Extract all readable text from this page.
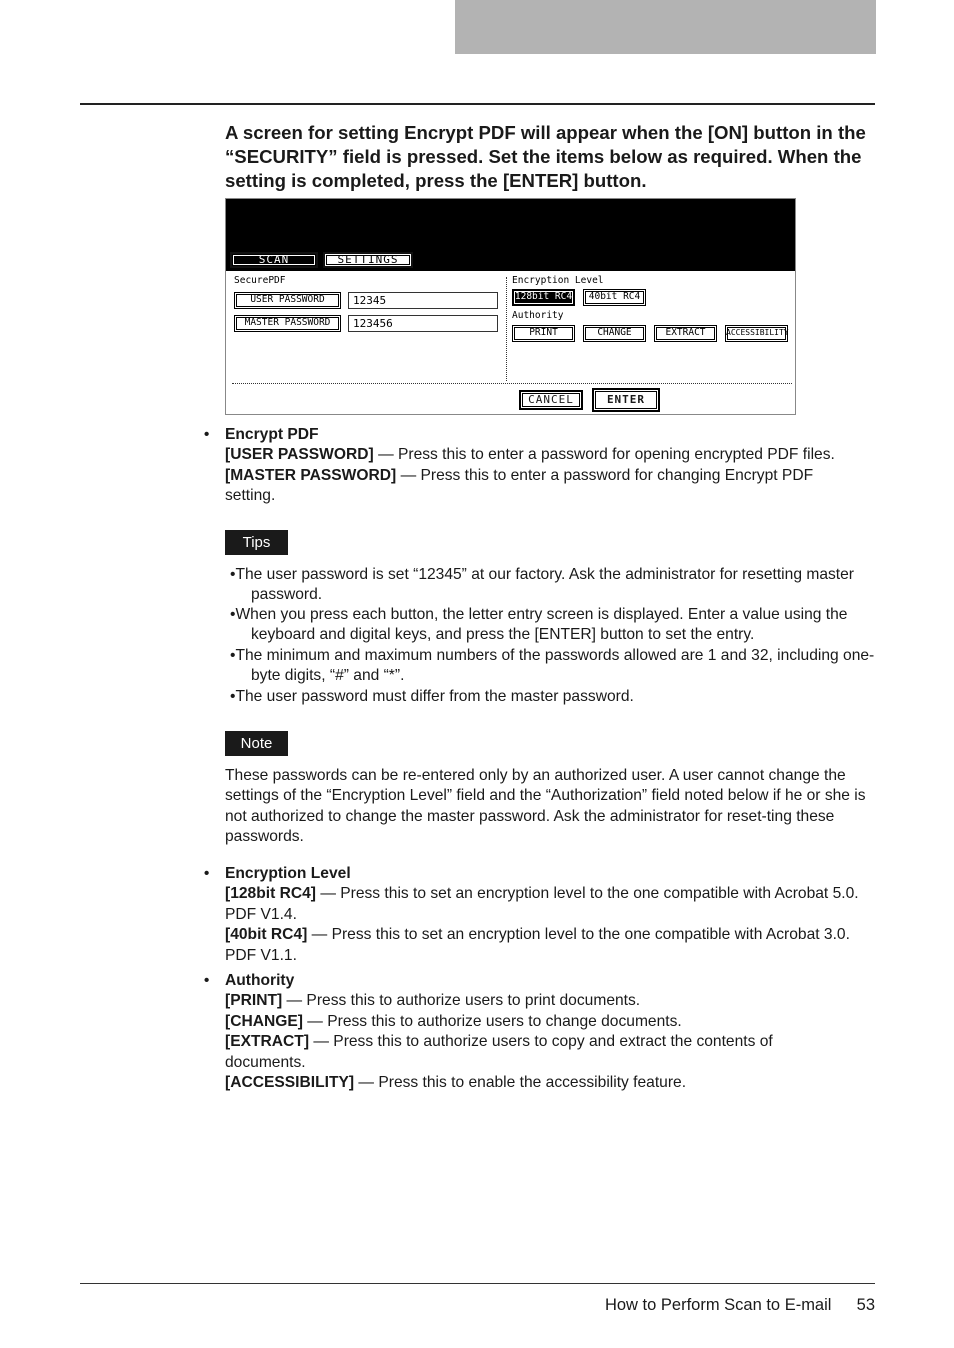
A screen for setting Encrypt PDF will appear when the [ON] button in the “SECURITY” field is pressed. Set the items below as required. When the setting is completed, press the [ENTER] button.
SCAN	SETTINGS
SecurePDF
USER PASSWORD	12345
MASTER PASSWORD	123456
Encryption Level
128bit RC4	40bit RC4
Authority
PRINT	CHANGE	EXTRACT	ACCESSIBILITY
CANCEL	ENTER
• Encrypt PDF
[USER PASSWORD] — Press this to enter a password for opening encrypted PDF files.
[MASTER PASSWORD] — Press this to enter a password for changing Encrypt PDF setting.
Tips
•The user password is set “12345” at our factory. Ask the administrator for resetting master password.
•When you press each button, the letter entry screen is displayed. Enter a value using the keyboard and digital keys, and press the [ENTER] button to set the entry.
•The minimum and maximum numbers of the passwords allowed are 1 and 32, including one-byte digits, “#” and “*”.
•The user password must differ from the master password.
Note
These passwords can be re-entered only by an authorized user. A user cannot change the settings of the “Encryption Level” field and the “Authorization” field noted below if he or she is not authorized to change the master password. Ask the administrator for reset-ting these passwords.
• Encryption Level
[128bit RC4] — Press this to set an encryption level to the one compatible with Acrobat 5.0. PDF V1.4.
[40bit RC4] — Press this to set an encryption level to the one compatible with Acrobat 3.0. PDF V1.1.
• Authority
[PRINT] — Press this to authorize users to print documents.
[CHANGE] — Press this to authorize users to change documents.
[EXTRACT] — Press this to authorize users to copy and extract the contents of documents.
[ACCESSIBILITY] — Press this to enable the accessibility feature.
How to Perform Scan to E-mail 53
